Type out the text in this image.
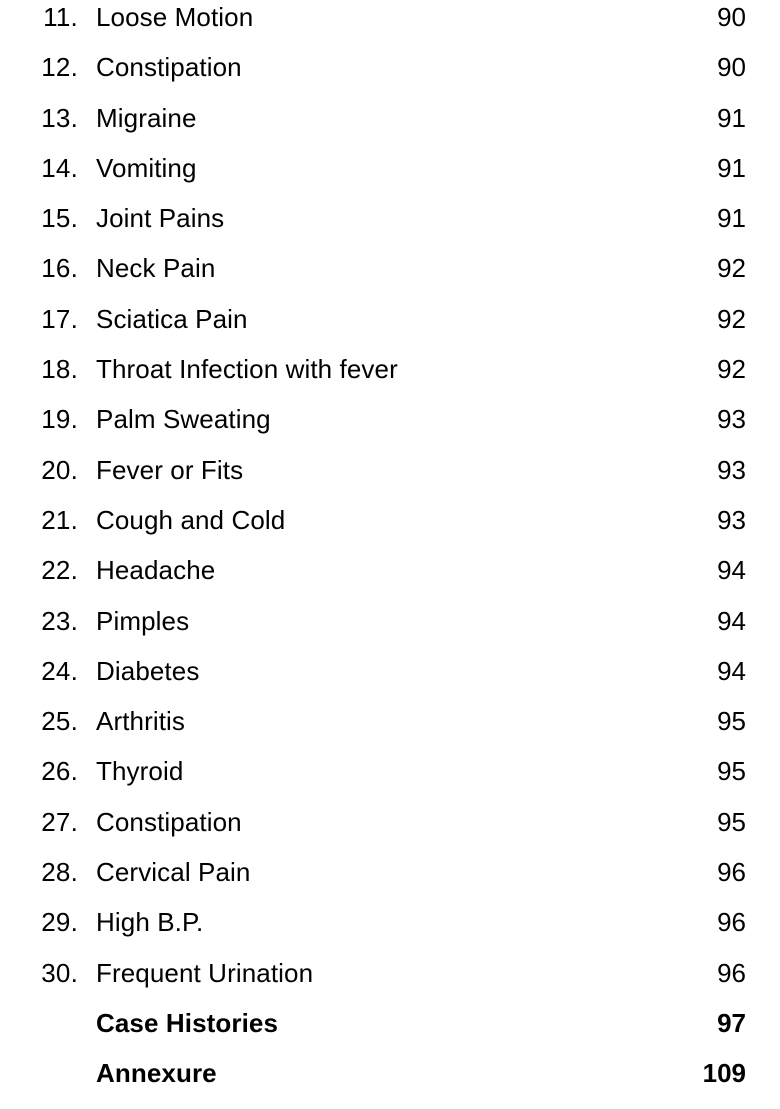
11. Loose Motion	90
12. Constipation	90
13. Migraine	91
14. Vomiting	91
15. Joint Pains	91
16. Neck Pain	92
17. Sciatica Pain	92
18. Throat Infection with fever	92
19. Palm Sweating	93
20. Fever or Fits	93
21. Cough and Cold	93
22. Headache	94
23. Pimples	94
24. Diabetes	94
25. Arthritis	95
26. Thyroid	95
27. Constipation	95
28. Cervical Pain	96
29. High B.P.	96
30. Frequent Urination	96
Case Histories	97
Annexure	109
